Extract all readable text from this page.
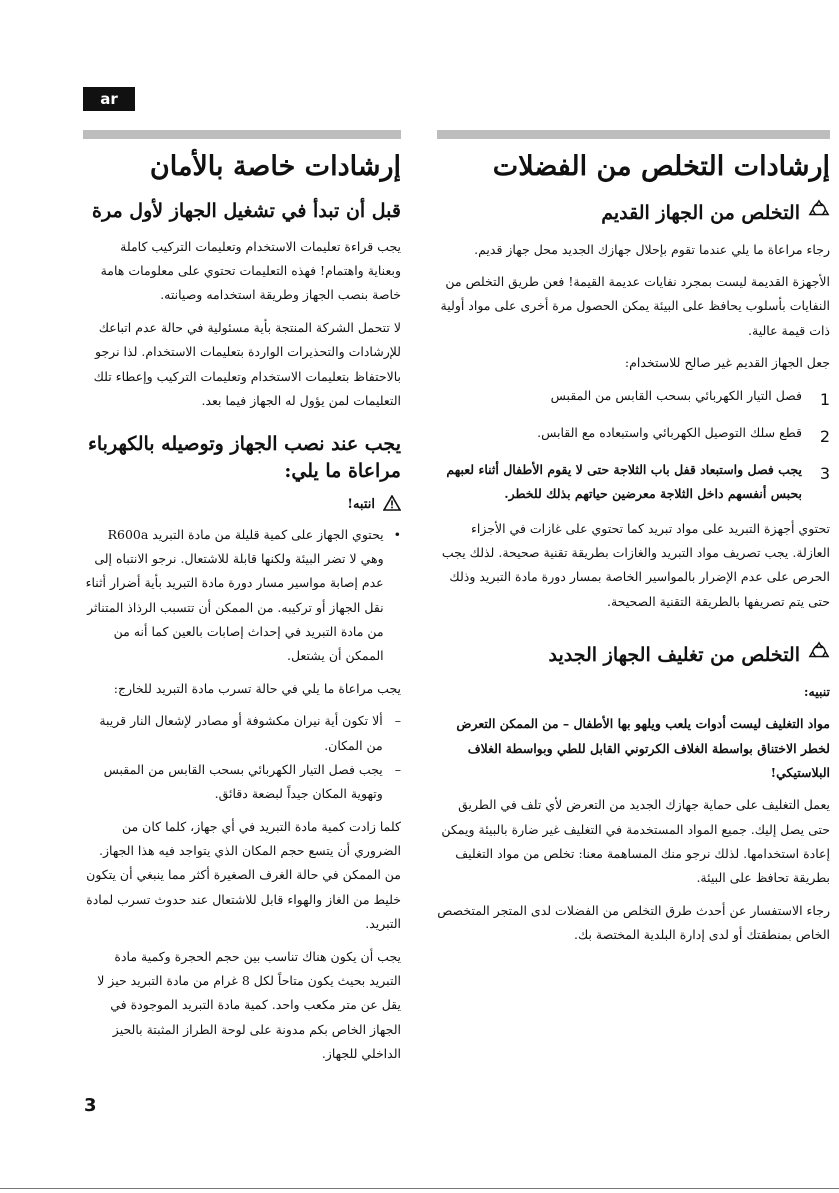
ar
إرشادات التخلص من الفضلات
التخلص من الجهاز القديم

رجاء مراعاة ما يلي عندما تقوم بإحلال جهازك الجديد محل جهاز قديم.

الأجهزة القديمة ليست بمجرد نفايات عديمة القيمة! فعن طريق التخلص من النفايات بأسلوب يحافظ على البيئة يمكن الحصول مرة أخرى على مواد أولية ذات قيمة عالية.

جعل الجهاز القديم غير صالح للاستخدام:

1
فصل التيار الكهربائي بسحب القابس من المقبس
2
قطع سلك التوصيل الكهربائي واستبعاده مع القابس.
3
يجب فصل واستبعاد قفل باب الثلاجة حتى لا يقوم الأطفال أثناء لعبهم بحبس أنفسهم داخل الثلاجة معرضين حياتهم بذلك للخطر.

تحتوي أجهزة التبريد على مواد تبريد كما تحتوي على غازات في الأجزاء العازلة. يجب تصريف مواد التبريد والغازات بطريقة تقنية صحيحة. لذلك يجب الحرص على عدم الإضرار بالمواسير الخاصة بمسار دورة مادة التبريد وذلك حتى يتم تصريفها بالطريقة التقنية الصحيحة.

التخلص من تغليف الجهاز الجديد

تنبيه:

مواد التغليف ليست أدوات يلعب ويلهو بها الأطفال – من الممكن التعرض لخطر الاختناق بواسطة الغلاف الكرتوني القابل للطي وبواسطة الغلاف البلاستيكي!

يعمل التغليف على حماية جهازك الجديد من التعرض لأي تلف في الطريق حتى يصل إليك. جميع المواد المستخدمة في التغليف غير ضارة بالبيئة ويمكن إعادة استخدامها. لذلك نرجو منك المساهمة معنا: تخلص من مواد التغليف بطريقة تحافظ على البيئة.

رجاء الاستفسار عن أحدث طرق التخلص من الفضلات لدى المتجر المتخصص الخاص بمنطقتك أو لدى إدارة البلدية المختصة بك.

إرشادات خاصة بالأمان
قبل أن تبدأ في تشغيل الجهاز لأول مرة

يجب قراءة تعليمات الاستخدام وتعليمات التركيب كاملة وبعناية واهتمام! فهذه التعليمات تحتوي على معلومات هامة خاصة بنصب الجهاز وطريقة استخدامه وصيانته.

لا تتحمل الشركة المنتجة بأية مسئولية في حالة عدم اتباعك للإرشادات والتحذيرات الواردة بتعليمات الاستخدام. لذا نرجو بالاحتفاظ بتعليمات الاستخدام وتعليمات التركيب وإعطاء تلك التعليمات لمن يؤول له الجهاز فيما بعد.

يجب عند نصب الجهاز وتوصيله بالكهرباء مراعاة ما يلي:
انتبه!
•
يحتوي الجهاز على كمية قليلة من مادة التبريد R600a وهي لا تضر البيئة ولكنها قابلة للاشتعال. نرجو الانتباه إلى عدم إصابة مواسير مسار دورة مادة التبريد بأية أضرار أثناء نقل الجهاز أو تركيبه. من الممكن أن تتسبب الرذاذ المتناثر من مادة التبريد في إحداث إصابات بالعين كما أنه من الممكن أن يشتعل.

يجب مراعاة ما يلي في حالة تسرب مادة التبريد للخارج:

–
ألا تكون أية نيران مكشوفة أو مصادر لإشعال النار قريبة من المكان.
–
يجب فصل التيار الكهربائي بسحب القابس من المقبس وتهوية المكان جيداً لبضعة دقائق.

كلما زادت كمية مادة التبريد في أي جهاز، كلما كان من الضروري أن يتسع حجم المكان الذي يتواجد فيه هذا الجهاز. من الممكن في حالة الغرف الصغيرة أكثر مما ينبغي أن يتكون خليط من الغاز والهواء قابل للاشتعال عند حدوث تسرب لمادة التبريد.

يجب أن يكون هناك تناسب بين حجم الحجرة وكمية مادة التبريد بحيث يكون متاحاً لكل 8 غرام من مادة التبريد حيز لا يقل عن متر مكعب واحد. كمية مادة التبريد الموجودة في الجهاز الخاص بكم مدونة على لوحة الطراز المثبتة بالحيز الداخلي للجهاز.

3
